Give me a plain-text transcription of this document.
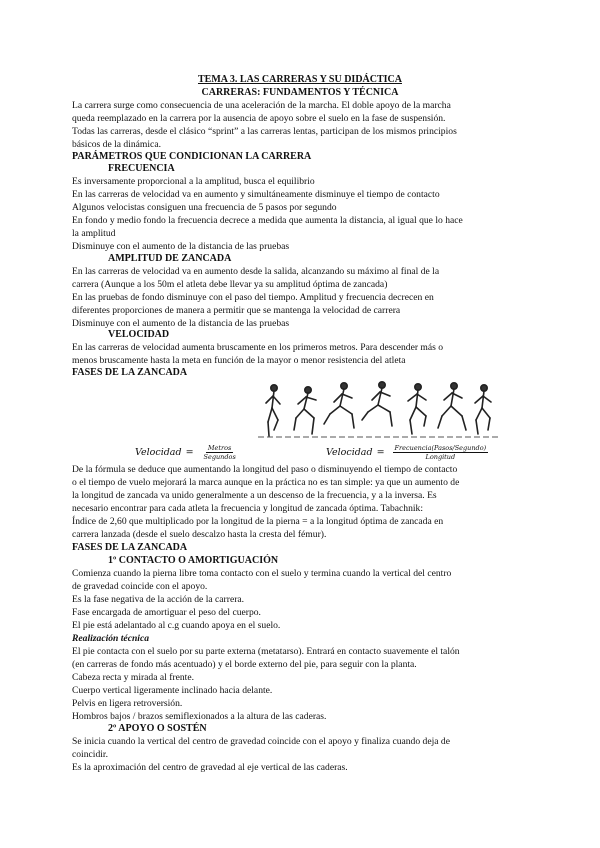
TEMA 3. LAS CARRERAS Y SU DIDÁCTICA
CARRERAS: FUNDAMENTOS Y TÉCNICA
La carrera surge como consecuencia de una aceleración de la marcha. El doble apoyo de la marcha
queda reemplazado en la carrera por la ausencia de apoyo sobre el suelo en la fase de suspensión.
Todas las carreras, desde el clásico “sprint” a las carreras lentas, participan de los mismos principios
básicos de la dinámica.
PARÁMETROS QUE CONDICIONAN LA CARRERA
FRECUENCIA
Es inversamente proporcional a la amplitud, busca el equilibrio
En las carreras de velocidad va en aumento y simultáneamente disminuye el tiempo de contacto
Algunos velocistas consiguen una frecuencia de 5 pasos por segundo
En fondo y medio fondo la frecuencia decrece a medida que aumenta la distancia, al igual que lo hace
la amplitud
Disminuye con el aumento de la distancia de las pruebas
AMPLITUD DE ZANCADA
En las carreras de velocidad va en aumento desde la salida, alcanzando su máximo al final de la
carrera (Aunque a los 50m el atleta debe llevar ya su amplitud óptima de zancada)
En las pruebas de fondo disminuye con el paso del tiempo. Amplitud y frecuencia decrecen en
diferentes proporciones de manera a permitir que se mantenga la velocidad de carrera
Disminuye con el aumento de la distancia de las pruebas
VELOCIDAD
En las carreras de velocidad aumenta bruscamente en los primeros metros. Para descender más o
menos bruscamente hasta la meta en función de la mayor o menor resistencia del atleta
FASES DE LA ZANCADA
Velocidad = $\frac{\text{Metros}}{\text{Segundos}}$	Velocidad = $\frac{\text{Frecuencia(Pasos/Segundo)}}{\text{Longitud}}$
De la fórmula se deduce que aumentando la longitud del paso o disminuyendo el tiempo de contacto
o el tiempo de vuelo mejorará la marca aunque en la práctica no es tan simple: ya que un aumento de
la longitud de zancada va unido generalmente a un descenso de la frecuencia, y a la inversa. Es
necesario encontrar para cada atleta la frecuencia y longitud de zancada óptima. Tabachnik:
Índice de 2,60 que multiplicado por la longitud de la pierna = a la longitud óptima de zancada en
carrera lanzada (desde el suelo descalzo hasta la cresta del fémur).
FASES DE LA ZANCADA
1º CONTACTO O AMORTIGUACIÓN
Comienza cuando la pierna libre toma contacto con el suelo y termina cuando la vertical del centro
de gravedad coincide con el apoyo.
Es la fase negativa de la acción de la carrera.
Fase encargada de amortiguar el peso del cuerpo.
El pie está adelantado al c.g cuando apoya en el suelo.
Realización técnica
El pie contacta con el suelo por su parte externa (metatarso). Entrará en contacto suavemente el talón
(en carreras de fondo más acentuado) y el borde externo del pie, para seguir con la planta.
Cabeza recta y mirada al frente.
Cuerpo vertical ligeramente inclinado hacia delante.
Pelvis en ligera retroversión.
Hombros bajos / brazos semiflexionados a la altura de las caderas.
2º APOYO O SOSTÉN
Se inicia cuando la vertical del centro de gravedad coincide con el apoyo y finaliza cuando deja de
coincidir.
Es la aproximación del centro de gravedad al eje vertical de las caderas.
